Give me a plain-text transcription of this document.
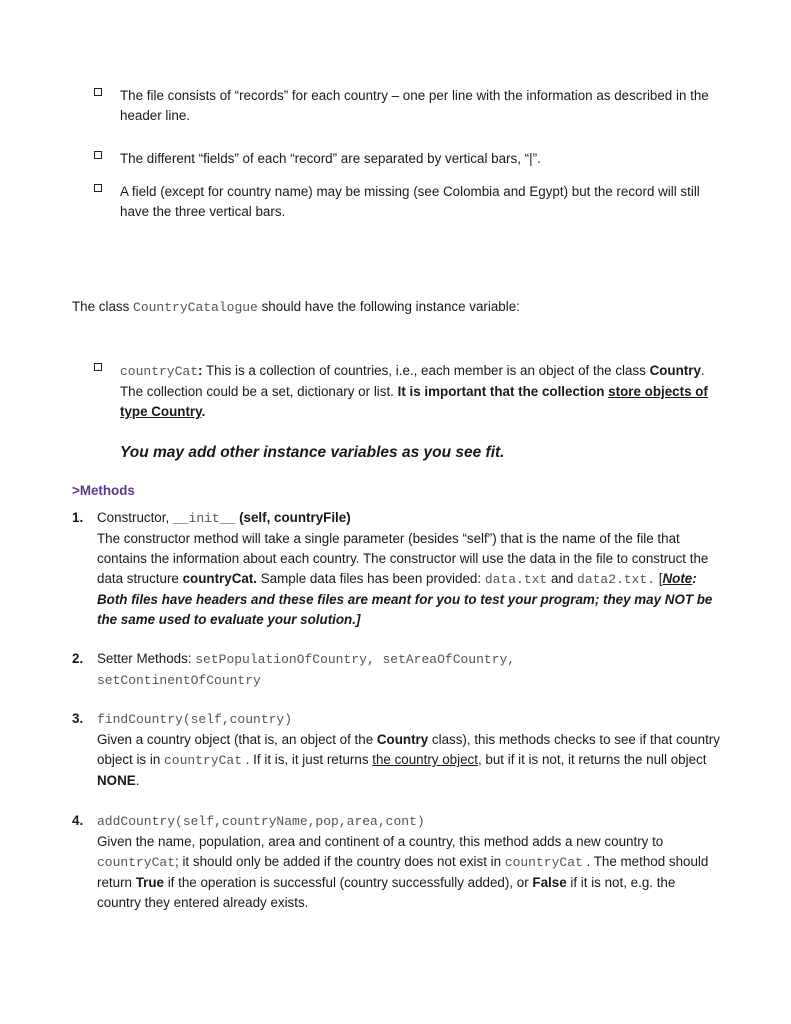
The file consists of “records” for each country – one per line with the information as described in the header line.
The different “fields” of each “record” are separated by vertical bars, “|”.
A field (except for country name) may be missing (see Colombia and Egypt) but the record will still have the three vertical bars.
The class CountryCatalogue should have the following instance variable:
countryCat: This is a collection of countries, i.e., each member is an object of the class Country. The collection could be a set, dictionary or list. It is important that the collection store objects of type Country.
You may add other instance variables as you see fit.
>Methods
1. Constructor, __init__ (self, countryFile)
The constructor method will take a single parameter (besides “self”) that is the name of the file that contains the information about each country. The constructor will use the data in the file to construct the data structure countryCat. Sample data files has been provided: data.txt and data2.txt. [Note: Both files have headers and these files are meant for you to test your program; they may NOT be the same used to evaluate your solution.]
2. Setter Methods: setPopulationOfCountry, setAreaOfCountry, setContinentOfCountry
3. findCountry(self,country)
Given a country object (that is, an object of the Country class), this methods checks to see if that country object is in countryCat . If it is, it just returns the country object, but if it is not, it returns the null object NONE.
4. addCountry(self,countryName,pop,area,cont)
Given the name, population, area and continent of a country, this method adds a new country to countryCat; it should only be added if the country does not exist in countryCat . The method should return True if the operation is successful (country successfully added), or False if it is not, e.g. the country they entered already exists.
